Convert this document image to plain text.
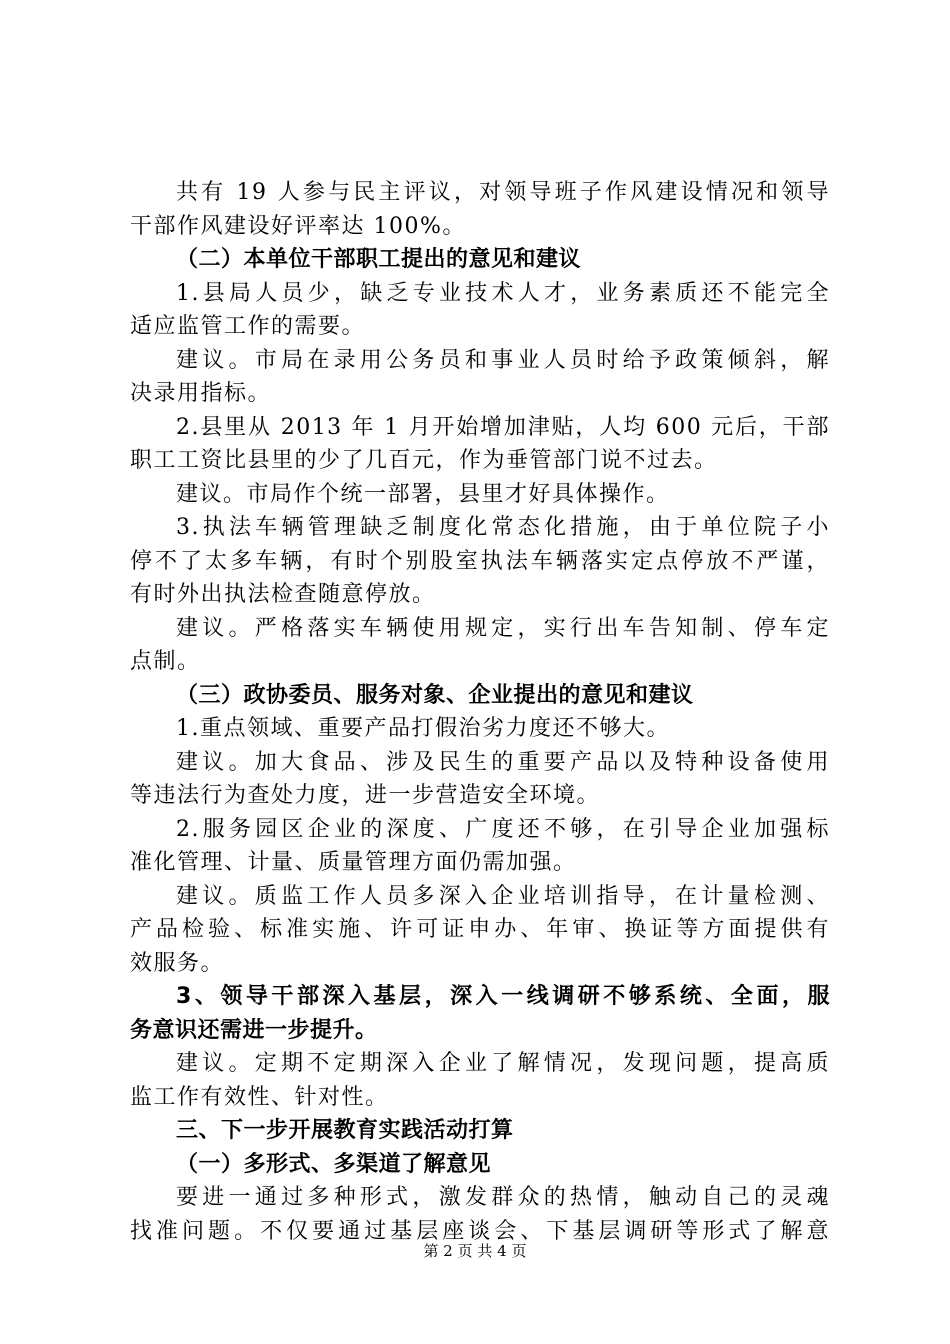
共有 19 人参与民主评议，对领导班子作风建设情况和领导
干部作风建设好评率达 100%。
（二）本单位干部职工提出的意见和建议
1.县局人员少，缺乏专业技术人才，业务素质还不能完全
适应监管工作的需要。
建议。市局在录用公务员和事业人员时给予政策倾斜，解
决录用指标。
2.县里从 2013 年 1 月开始增加津贴，人均 600 元后，干部
职工工资比县里的少了几百元，作为垂管部门说不过去。
建议。市局作个统一部署，县里才好具体操作。
3.执法车辆管理缺乏制度化常态化措施，由于单位院子小
停不了太多车辆，有时个别股室执法车辆落实定点停放不严谨，
有时外出执法检查随意停放。
建议。严格落实车辆使用规定，实行出车告知制、停车定
点制。
（三）政协委员、服务对象、企业提出的意见和建议
1.重点领域、重要产品打假治劣力度还不够大。
建议。加大食品、涉及民生的重要产品以及特种设备使用
等违法行为查处力度，进一步营造安全环境。
2.服务园区企业的深度、广度还不够，在引导企业加强标
准化管理、计量、质量管理方面仍需加强。
建议。质监工作人员多深入企业培训指导，在计量检测、
产品检验、标准实施、许可证申办、年审、换证等方面提供有
效服务。
3、领导干部深入基层，深入一线调研不够系统、全面，服
务意识还需进一步提升。
建议。定期不定期深入企业了解情况，发现问题，提高质
监工作有效性、针对性。
三、下一步开展教育实践活动打算
（一）多形式、多渠道了解意见
要进一通过多种形式，激发群众的热情，触动自己的灵魂
找准问题。不仅要通过基层座谈会、下基层调研等形式了解意
第 2 页 共 4 页
